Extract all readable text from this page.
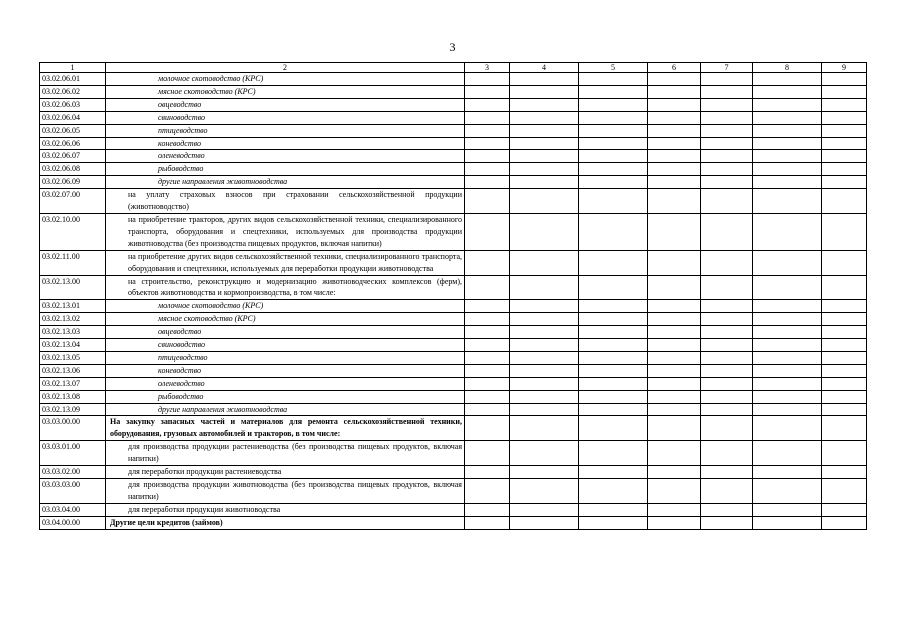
3
1	2	3	4	5	6	7	8	9
03.02.06.01	молочное скотоводство (КРС)							
03.02.06.02	мясное скотоводство (КРС)							
03.02.06.03	овцеводство							
03.02.06.04	свиноводство							
03.02.06.05	птицеводство							
03.02.06.06	коневодство							
03.02.06.07	оленеводство							
03.02.06.08	рыбоводство							
03.02.06.09	другие направления животноводства							
03.02.07.00	на уплату страховых взносов при страховании сельскохозяйственной продукции (животноводство)							
03.02.10.00	на приобретение тракторов, других видов сельскохозяйственной техники, специализированного транспорта, оборудования и спецтехники, используемых для производства продукции животноводства (без производства пищевых продуктов, включая напитки)							
03.02.11.00	на приобретение других видов сельскохозяйственной техники, специализированного транспорта, оборудования и спецтехники, используемых для переработки продукции животноводства							
03.02.13.00	на строительство, реконструкцию и модернизацию животноводческих комплексов (ферм), объектов животноводства и кормопроизводства, в том числе:							
03.02.13.01	молочное скотоводство (КРС)							
03.02.13.02	мясное скотоводство (КРС)							
03.02.13.03	овцеводство							
03.02.13.04	свиноводство							
03.02.13.05	птицеводство							
03.02.13.06	коневодство							
03.02.13.07	оленеводство							
03.02.13.08	рыбоводство							
03.02.13.09	другие направления животноводства							
03.03.00.00	На закупку запасных частей и материалов для ремонта сельскохозяйственной техники, оборудования, грузовых автомобилей и тракторов, в том числе:							
03.03.01.00	для производства продукции растениеводства (без производства пищевых продуктов, включая напитки)							
03.03.02.00	для переработки продукции растениеводства							
03.03.03.00	для производства продукции животноводства (без производства пищевых продуктов, включая напитки)							
03.03.04.00	для переработки продукции животноводства							
03.04.00.00	Другие цели кредитов (займов)							
